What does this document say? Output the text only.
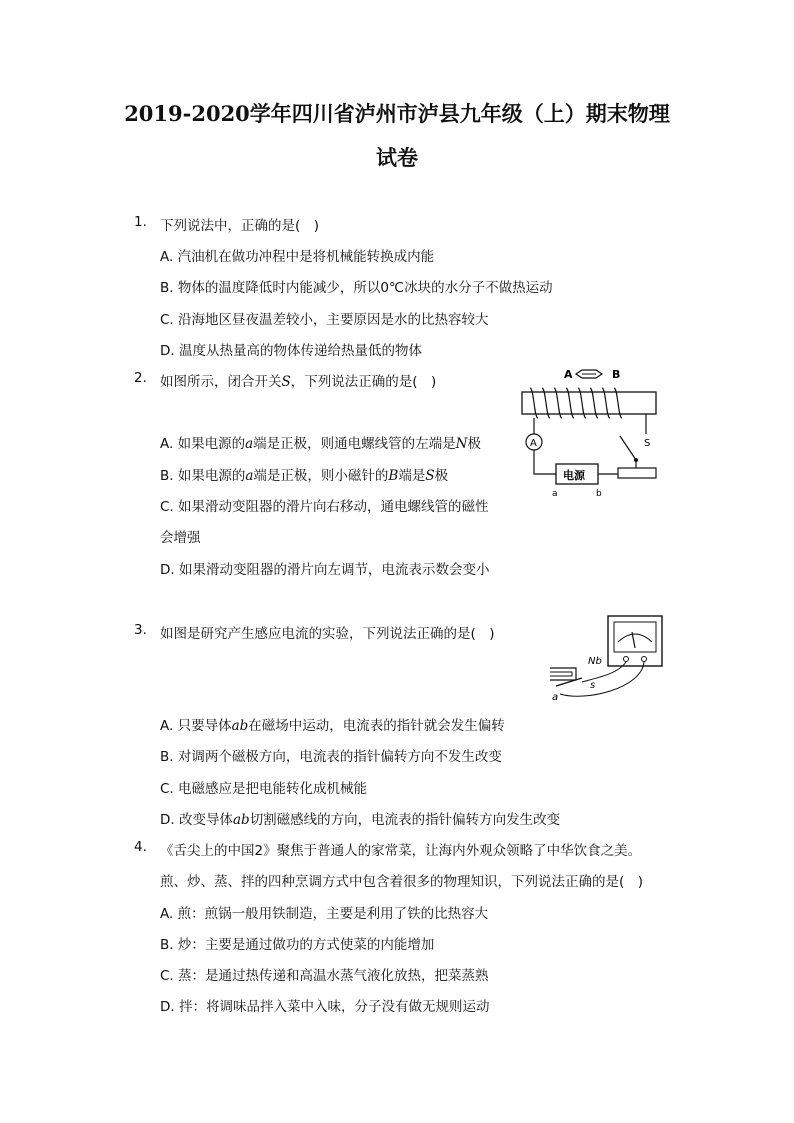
2019-2020学年四川省泸州市泸县九年级（上）期末物理
试卷
1. 下列说法中，正确的是(　)
A. 汽油机在做功冲程中是将机械能转换成内能
B. 物体的温度降低时内能减少，所以0℃冰块的水分子不做热运动
C. 沿海地区昼夜温差较小，主要原因是水的比热容较大
D. 温度从热量高的物体传递给热量低的物体
2. 如图所示，闭合开关S，下列说法正确的是(　)
A. 如果电源的a端是正极，则通电螺线管的左端是N极
B. 如果电源的a端是正极，则小磁针的B端是S极
C. 如果滑动变阻器的滑片向右移动，通电螺线管的磁性
会增强
D. 如果滑动变阻器的滑片向左调节，电流表示数会变小
A	B
A
电源
a	b
S
3. 如图是研究产生感应电流的实验，下列说法正确的是(　)
A. 只要导体ab在磁场中运动，电流表的指针就会发生偏转
B. 对调两个磁极方向，电流表的指针偏转方向不发生改变
C. 电磁感应是把电能转化成机械能
D. 改变导体ab切割磁感线的方向，电流表的指针偏转方向发生改变
Nb
s
a
4. 《舌尖上的中国2》聚焦于普通人的家常菜，让海内外观众领略了中华饮食之美。
煎、炒、蒸、拌的四种烹调方式中包含着很多的物理知识，下列说法正确的是(　)
A. 煎：煎锅一般用铁制造，主要是利用了铁的比热容大
B. 炒：主要是通过做功的方式使菜的内能增加
C. 蒸：是通过热传递和高温水蒸气液化放热，把菜蒸熟
D. 拌：将调味品拌入菜中入味，分子没有做无规则运动
